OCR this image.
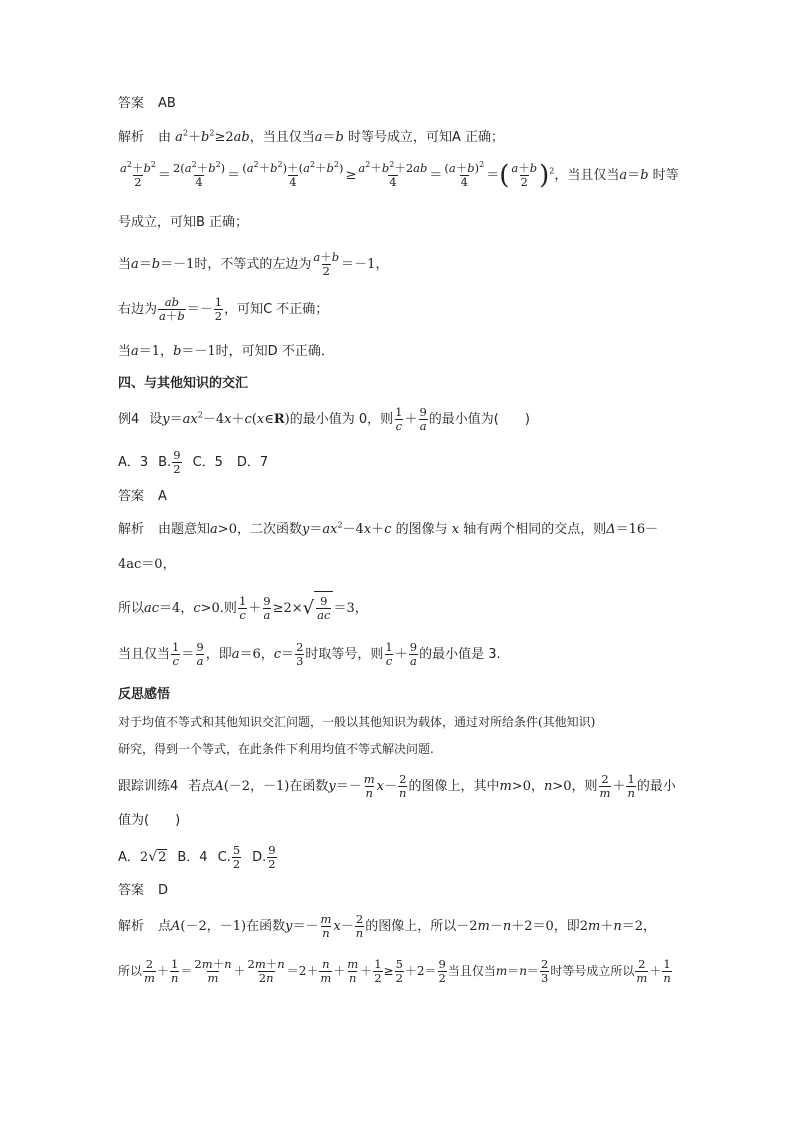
答案 AB
解析 由 $a^2+b^2\ge 2ab$，当且仅当a＝b 时等号成立，可知A 正确；
$\frac{a^2+b^2}{2} = \frac{2(a^2+b^2)}{4} = \frac{(a^2+b^2)+(a^2+b^2)}{4} \ge \frac{a^2+b^2+2ab}{4} = \frac{(a+b)^2}{4}$ ＝( $\frac{a+b}{2} )^2$，当且仅当a＝b 时等
号成立，可知B 正确；
当a＝b＝－1时，不等式的左边为 $\frac{a+b}{2} =-1$，
右边为 $\frac{ab}{a+b} =- \frac{1}{2}$ ，可知C 不正确；
当a＝1，b＝－1时，可知D 不正确．
四、与其他知识的交汇
例4 设$y=ax^2-4x+c(x\in R)$的最小值为 0，则 $\frac{1}{c} + \frac{9}{a}$ 的最小值为( )
A．3 B. $\frac{9}{2}$ C．5 D．7
答案 A
解析 由题意知a>0，二次函数$y=ax^2-4x+c$ 的图像与 x 轴有两个相同的交点，则Δ＝16－
4ac＝0，
所以ac＝4，c>0.则 $\frac{1}{c} + \frac{9}{a} \ge 2\times√ \frac{9}{ac} =3$，
当且仅当 $\frac{1}{c} = \frac{9}{a}$ ，即a＝6，$c= \frac{2}{3}$ 时取等号，则 $\frac{1}{c} + \frac{9}{a}$ 的最小值是 3.
反思感悟
对于均值不等式和其他知识交汇问题，一般以其他知识为载体，通过对所给条件(其他知识)
研究，得到一个等式，在此条件下利用均值不等式解决问题.
跟踪训练4 若点A(－2，－1)在函数$y=- \frac{m}{n} x- \frac{2}{n}$ 的图像上，其中m>0，n>0，则 $\frac{2}{m} + \frac{1}{n}$ 的最小
值为( )
A．2√2 B．4 C. $\frac{5}{2} D$. $\frac{9}{2}$
答案 D
解析 点A(－2，－1)在函数$y=- \frac{m}{n} x- \frac{2}{n}$ 的图像上，所以－2m－n＋2＝0，即2m＋n＝2，
所以 $\frac{2}{m} + \frac{1}{n} = \frac{2m+n}{m} + \frac{2m+n}{2n} =2+ \frac{n}{m} + \frac{m}{n} + \frac{1}{2} \ge \frac{5}{2} +2= \frac{9}{2}$ 当且仅当$m=n= \frac{2}{3}$ 时等号成立所以 $\frac{2}{m} + \frac{1}{n}$
